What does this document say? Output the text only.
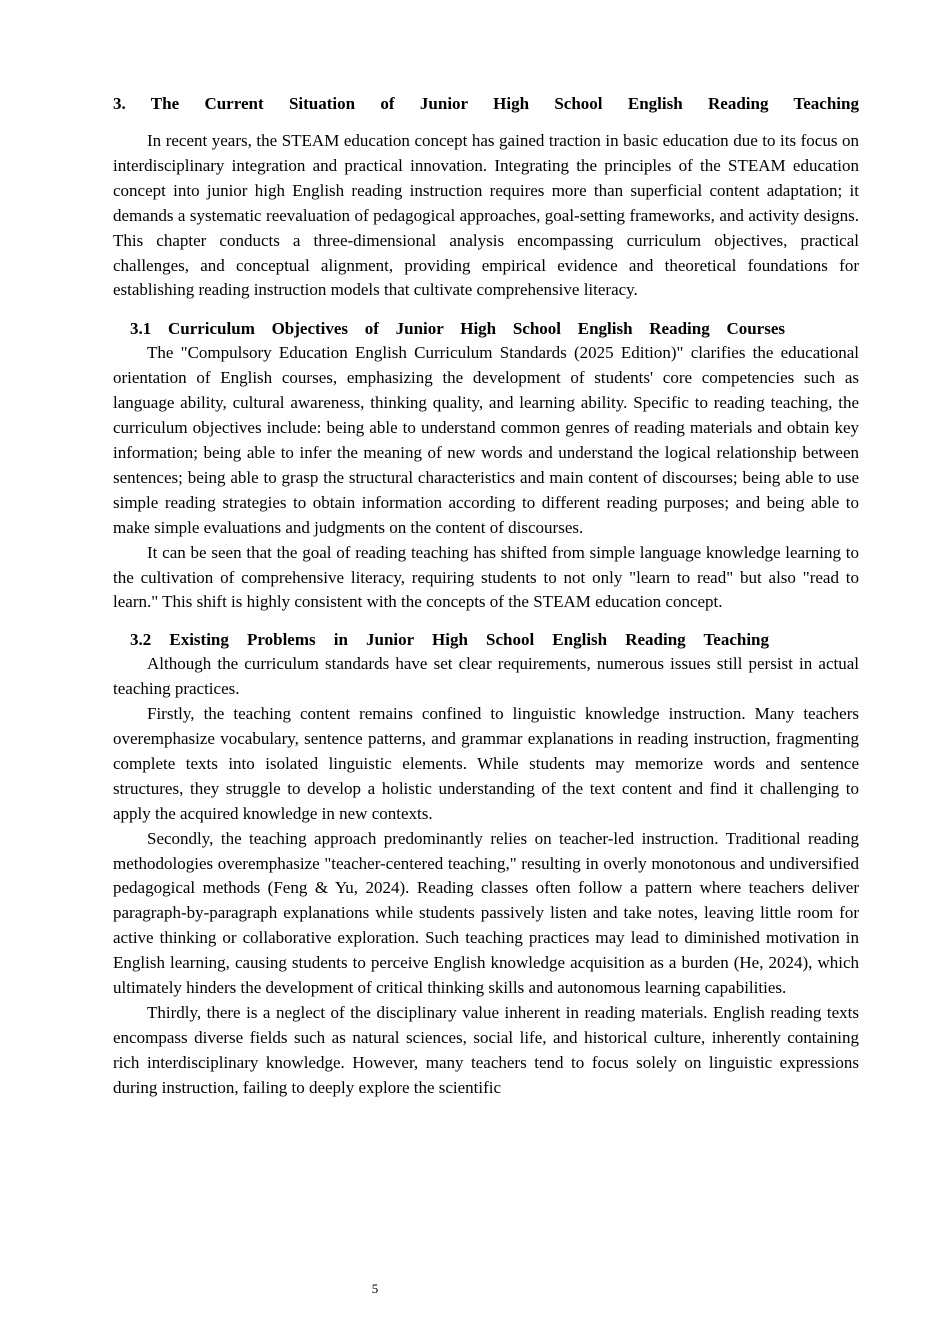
3. The Current Situation of Junior High School English Reading Teaching

In recent years, the STEAM education concept has gained traction in basic education due to its focus on interdisciplinary integration and practical innovation. Integrating the principles of the STEAM education concept into junior high English reading instruction requires more than superficial content adaptation; it demands a systematic reevaluation of pedagogical approaches, goal-setting frameworks, and activity designs. This chapter conducts a three-dimensional analysis encompassing curriculum objectives, practical challenges, and conceptual alignment, providing empirical evidence and theoretical foundations for establishing reading instruction models that cultivate comprehensive literacy.

3.1 Curriculum Objectives of Junior High School English Reading Courses

The "Compulsory Education English Curriculum Standards (2025 Edition)" clarifies the educational orientation of English courses, emphasizing the development of students' core competencies such as language ability, cultural awareness, thinking quality, and learning ability. Specific to reading teaching, the curriculum objectives include: being able to understand common genres of reading materials and obtain key information; being able to infer the meaning of new words and understand the logical relationship between sentences; being able to grasp the structural characteristics and main content of discourses; being able to use simple reading strategies to obtain information according to different reading purposes; and being able to make simple evaluations and judgments on the content of discourses.

It can be seen that the goal of reading teaching has shifted from simple language knowledge learning to the cultivation of comprehensive literacy, requiring students to not only "learn to read" but also "read to learn." This shift is highly consistent with the concepts of the STEAM education concept.

3.2 Existing Problems in Junior High School English Reading Teaching

Although the curriculum standards have set clear requirements, numerous issues still persist in actual teaching practices.

Firstly, the teaching content remains confined to linguistic knowledge instruction. Many teachers overemphasize vocabulary, sentence patterns, and grammar explanations in reading instruction, fragmenting complete texts into isolated linguistic elements. While students may memorize words and sentence structures, they struggle to develop a holistic understanding of the text content and find it challenging to apply the acquired knowledge in new contexts.

Secondly, the teaching approach predominantly relies on teacher-led instruction. Traditional reading methodologies overemphasize "teacher-centered teaching," resulting in overly monotonous and undiversified pedagogical methods (Feng & Yu, 2024). Reading classes often follow a pattern where teachers deliver paragraph-by-paragraph explanations while students passively listen and take notes, leaving little room for active thinking or collaborative exploration. Such teaching practices may lead to diminished motivation in English learning, causing students to perceive English knowledge acquisition as a burden (He, 2024), which ultimately hinders the development of critical thinking skills and autonomous learning capabilities.

Thirdly, there is a neglect of the disciplinary value inherent in reading materials. English reading texts encompass diverse fields such as natural sciences, social life, and historical culture, inherently containing rich interdisciplinary knowledge. However, many teachers tend to focus solely on linguistic expressions during instruction, failing to deeply explore the scientific

5
